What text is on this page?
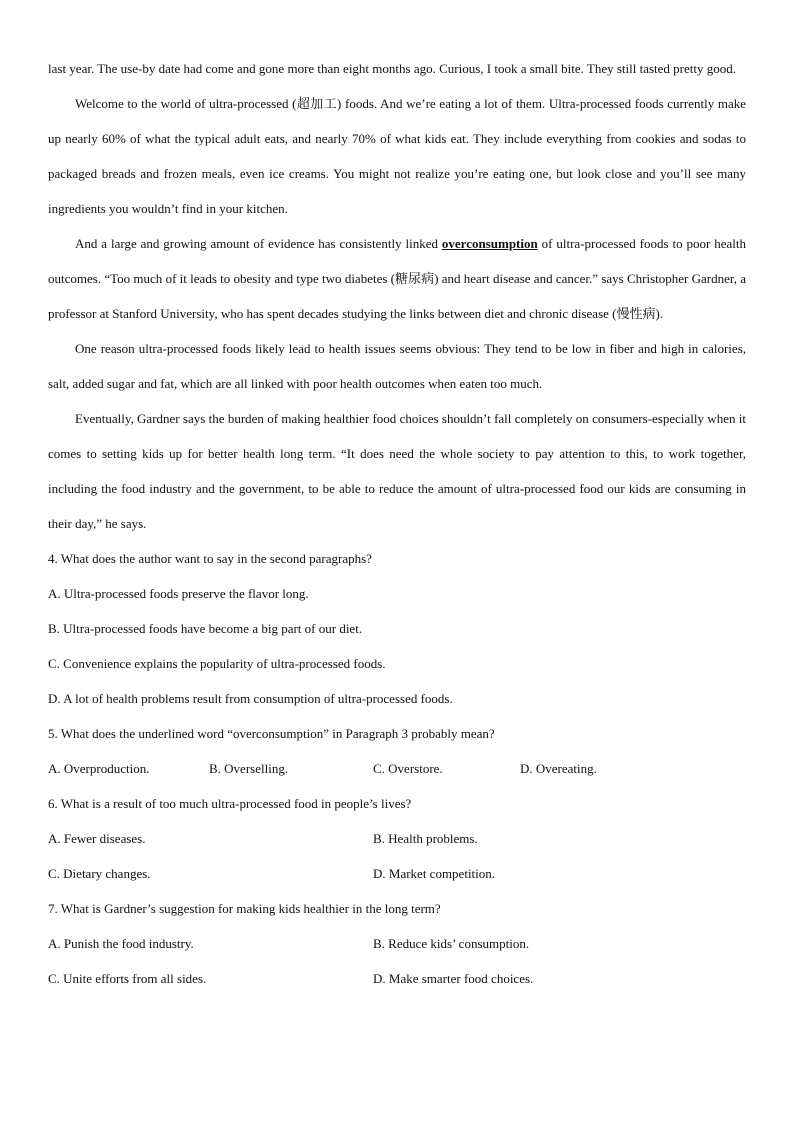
last year. The use-by date had come and gone more than eight months ago. Curious, I took a small bite. They still tasted pretty good.

Welcome to the world of ultra-processed (超加工) foods. And we’re eating a lot of them. Ultra-processed foods currently make up nearly 60% of what the typical adult eats, and nearly 70% of what kids eat. They include everything from cookies and sodas to packaged breads and frozen meals, even ice creams. You might not realize you’re eating one, but look close and you’ll see many ingredients you wouldn’t find in your kitchen.

And a large and growing amount of evidence has consistently linked overconsumption of ultra-processed foods to poor health outcomes. “Too much of it leads to obesity and type two diabetes (糖尿病) and heart disease and cancer.” says Christopher Gardner, a professor at Stanford University, who has spent decades studying the links between diet and chronic disease (慢性病).

One reason ultra-processed foods likely lead to health issues seems obvious: They tend to be low in fiber and high in calories, salt, added sugar and fat, which are all linked with poor health outcomes when eaten too much.

Eventually, Gardner says the burden of making healthier food choices shouldn’t fall completely on consumers-especially when it comes to setting kids up for better health long term. “It does need the whole society to pay attention to this, to work together, including the food industry and the government, to be able to reduce the amount of ultra-processed food our kids are consuming in their day,” he says.

4. What does the author want to say in the second paragraphs?

A. Ultra-processed foods preserve the flavor long.

B. Ultra-processed foods have become a big part of our diet.

C. Convenience explains the popularity of ultra-processed foods.

D. A lot of health problems result from consumption of ultra-processed foods.

5. What does the underlined word “overconsumption” in Paragraph 3 probably mean?

A. Overproduction.	B. Overselling.	C. Overstore.	D. Overeating.

6. What is a result of too much ultra-processed food in people’s lives?

A. Fewer diseases.	B. Health problems.
C. Dietary changes.	D. Market competition.

7. What is Gardner’s suggestion for making kids healthier in the long term?

A. Punish the food industry.	B. Reduce kids’ consumption.
C. Unite efforts from all sides.	D. Make smarter food choices.
